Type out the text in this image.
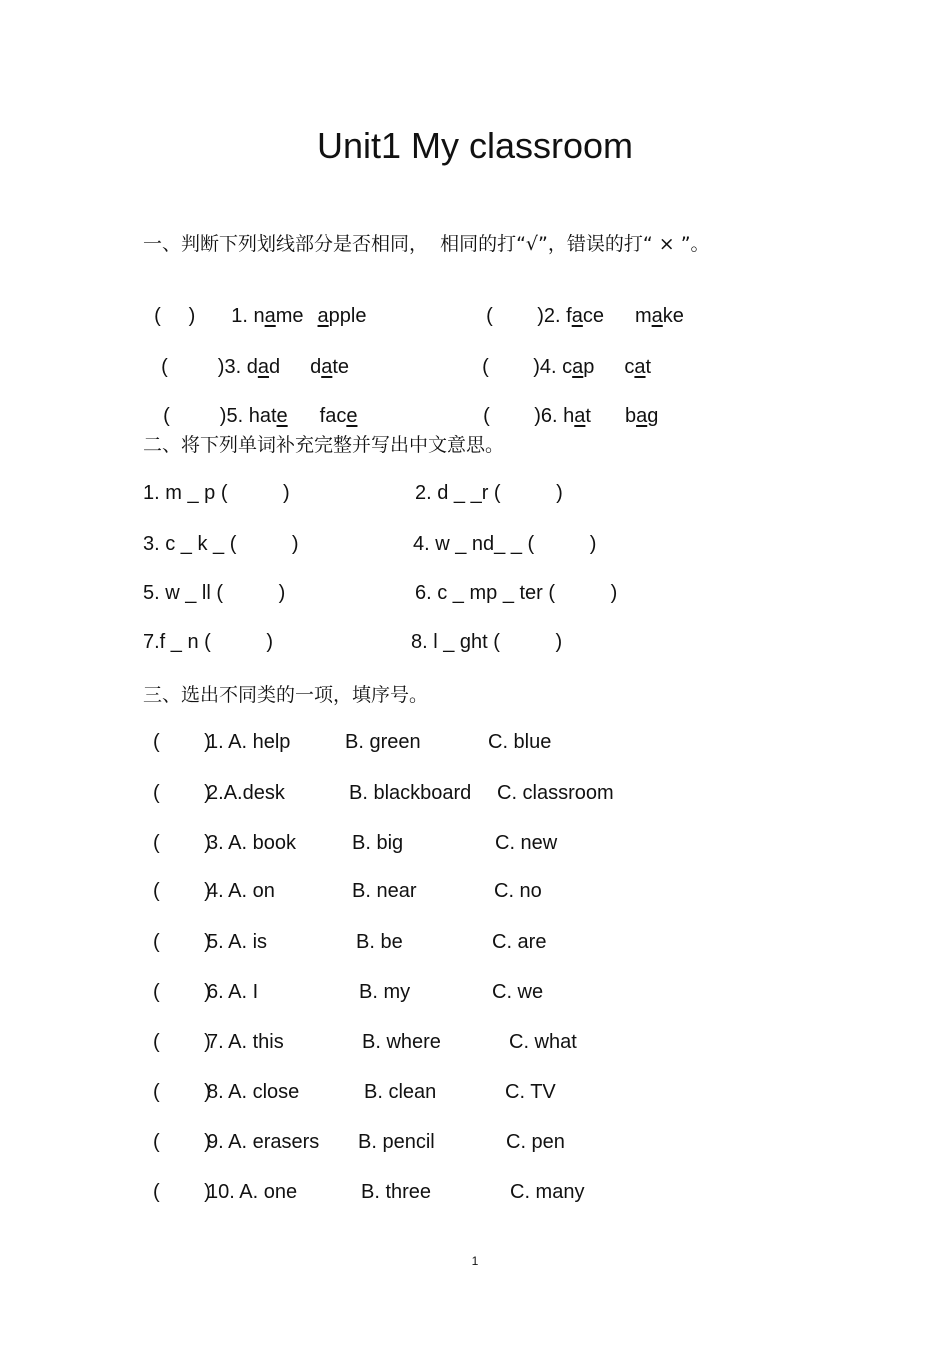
Unit1 My classroom
一、判断下列划线部分是否相同，  相同的打“√”，错误的打“ × ”。

(     ) 1. name apple	(        )2. face make

(         )3. dad date	(        )4. cap cat

(         )5. hate face	(        )6. hat bag

二、将下列单词补充完整并写出中文意思。
1. m _ p (          )	2. d _ _r (          )
3. c _ k _ (          )	4. w _ nd_ _ (          )
5. w _ ll (          )	6. c _ mp _ ter (          )
7.f _ n (          )	8. l _ ght (          )
三、选出不同类的一项，填序号。
(        )
1. A. help	B. green	C. blue
(        )
2.A.desk	B. blackboard C. classroom
(        )
3. A. book	B. big	C. new
(        )
4. A. on	B. near	C. no
(        )
5. A. is	B. be	C. are
(        )
6. A. I	B. my	C. we
(        )
7. A. this	B. where	C. what
(        )
8. A. close	B. clean	C. TV
(        )
9. A. erasers B. pencil	C. pen
(        )
10. A. one	B. three	C. many
1
